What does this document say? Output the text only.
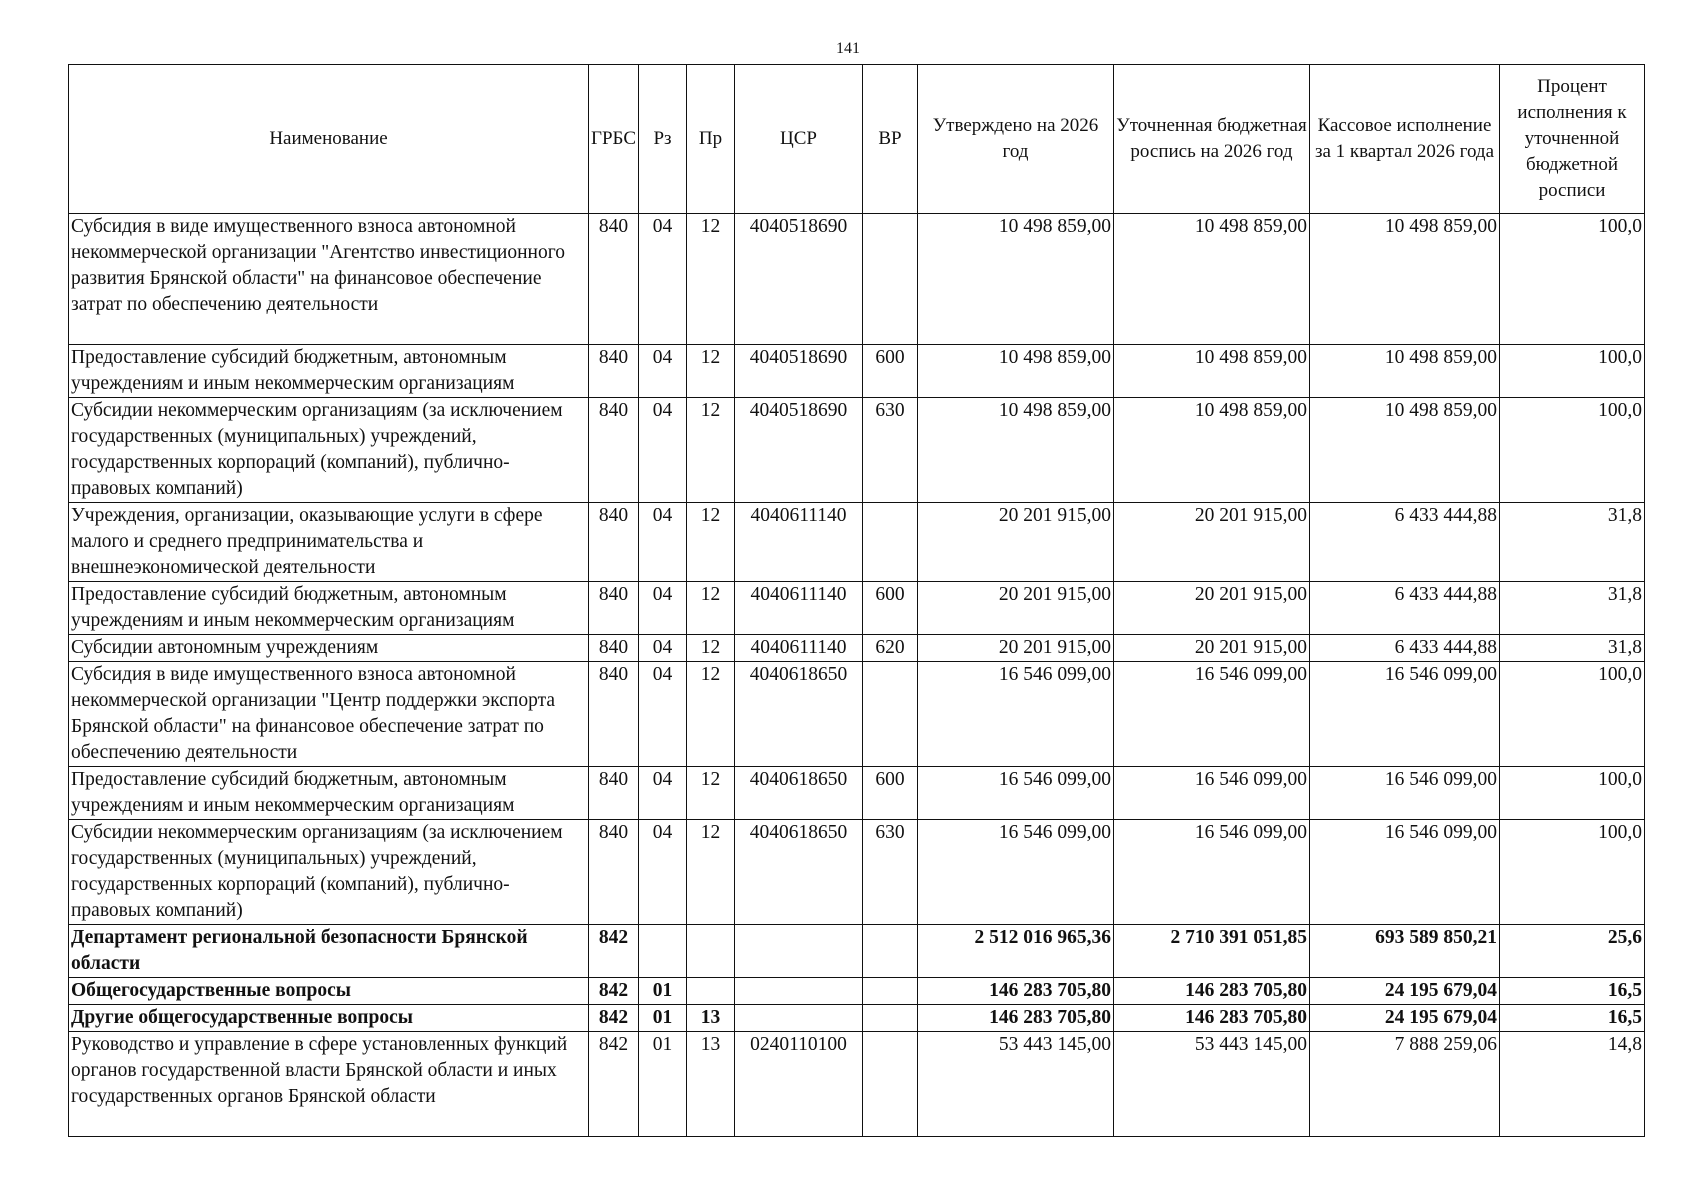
141
Наименование	ГРБС	Рз	Пр	ЦСР	ВР	Утверждено на 2026 год	Уточненная бюджетная роспись на 2026 год	Кассовое исполнение за 1 квартал 2026 года	Процент исполнения к уточненной бюджетной росписи
Субсидия в виде имущественного взноса автономной некоммерческой организации "Агентство инвестиционного развития Брянской области" на финансовое обеспечение затрат по обеспечению деятельности	840	04	12	4040518690		10 498 859,00	10 498 859,00	10 498 859,00	100,0
Предоставление субсидий бюджетным, автономным учреждениям и иным некоммерческим организациям	840	04	12	4040518690	600	10 498 859,00	10 498 859,00	10 498 859,00	100,0
Субсидии некоммерческим организациям (за исключением государственных (муниципальных) учреждений, государственных корпораций (компаний), публично-правовых компаний)	840	04	12	4040518690	630	10 498 859,00	10 498 859,00	10 498 859,00	100,0
Учреждения, организации, оказывающие услуги в сфере малого и среднего предпринимательства и внешнеэкономической деятельности	840	04	12	4040611140		20 201 915,00	20 201 915,00	6 433 444,88	31,8
Предоставление субсидий бюджетным, автономным учреждениям и иным некоммерческим организациям	840	04	12	4040611140	600	20 201 915,00	20 201 915,00	6 433 444,88	31,8
Субсидии автономным учреждениям	840	04	12	4040611140	620	20 201 915,00	20 201 915,00	6 433 444,88	31,8
Субсидия в виде имущественного взноса автономной некоммерческой организации "Центр поддержки экспорта Брянской области" на финансовое обеспечение затрат по обеспечению деятельности	840	04	12	4040618650		16 546 099,00	16 546 099,00	16 546 099,00	100,0
Предоставление субсидий бюджетным, автономным учреждениям и иным некоммерческим организациям	840	04	12	4040618650	600	16 546 099,00	16 546 099,00	16 546 099,00	100,0
Субсидии некоммерческим организациям (за исключением государственных (муниципальных) учреждений, государственных корпораций (компаний), публично-правовых компаний)	840	04	12	4040618650	630	16 546 099,00	16 546 099,00	16 546 099,00	100,0
Департамент региональной безопасности Брянской области	842					2 512 016 965,36	2 710 391 051,85	693 589 850,21	25,6
Общегосударственные вопросы	842	01				146 283 705,80	146 283 705,80	24 195 679,04	16,5
Другие общегосударственные вопросы	842	01	13			146 283 705,80	146 283 705,80	24 195 679,04	16,5
Руководство и управление в сфере установленных функций органов государственной власти Брянской области и иных государственных органов Брянской области	842	01	13	0240110100		53 443 145,00	53 443 145,00	7 888 259,06	14,8
